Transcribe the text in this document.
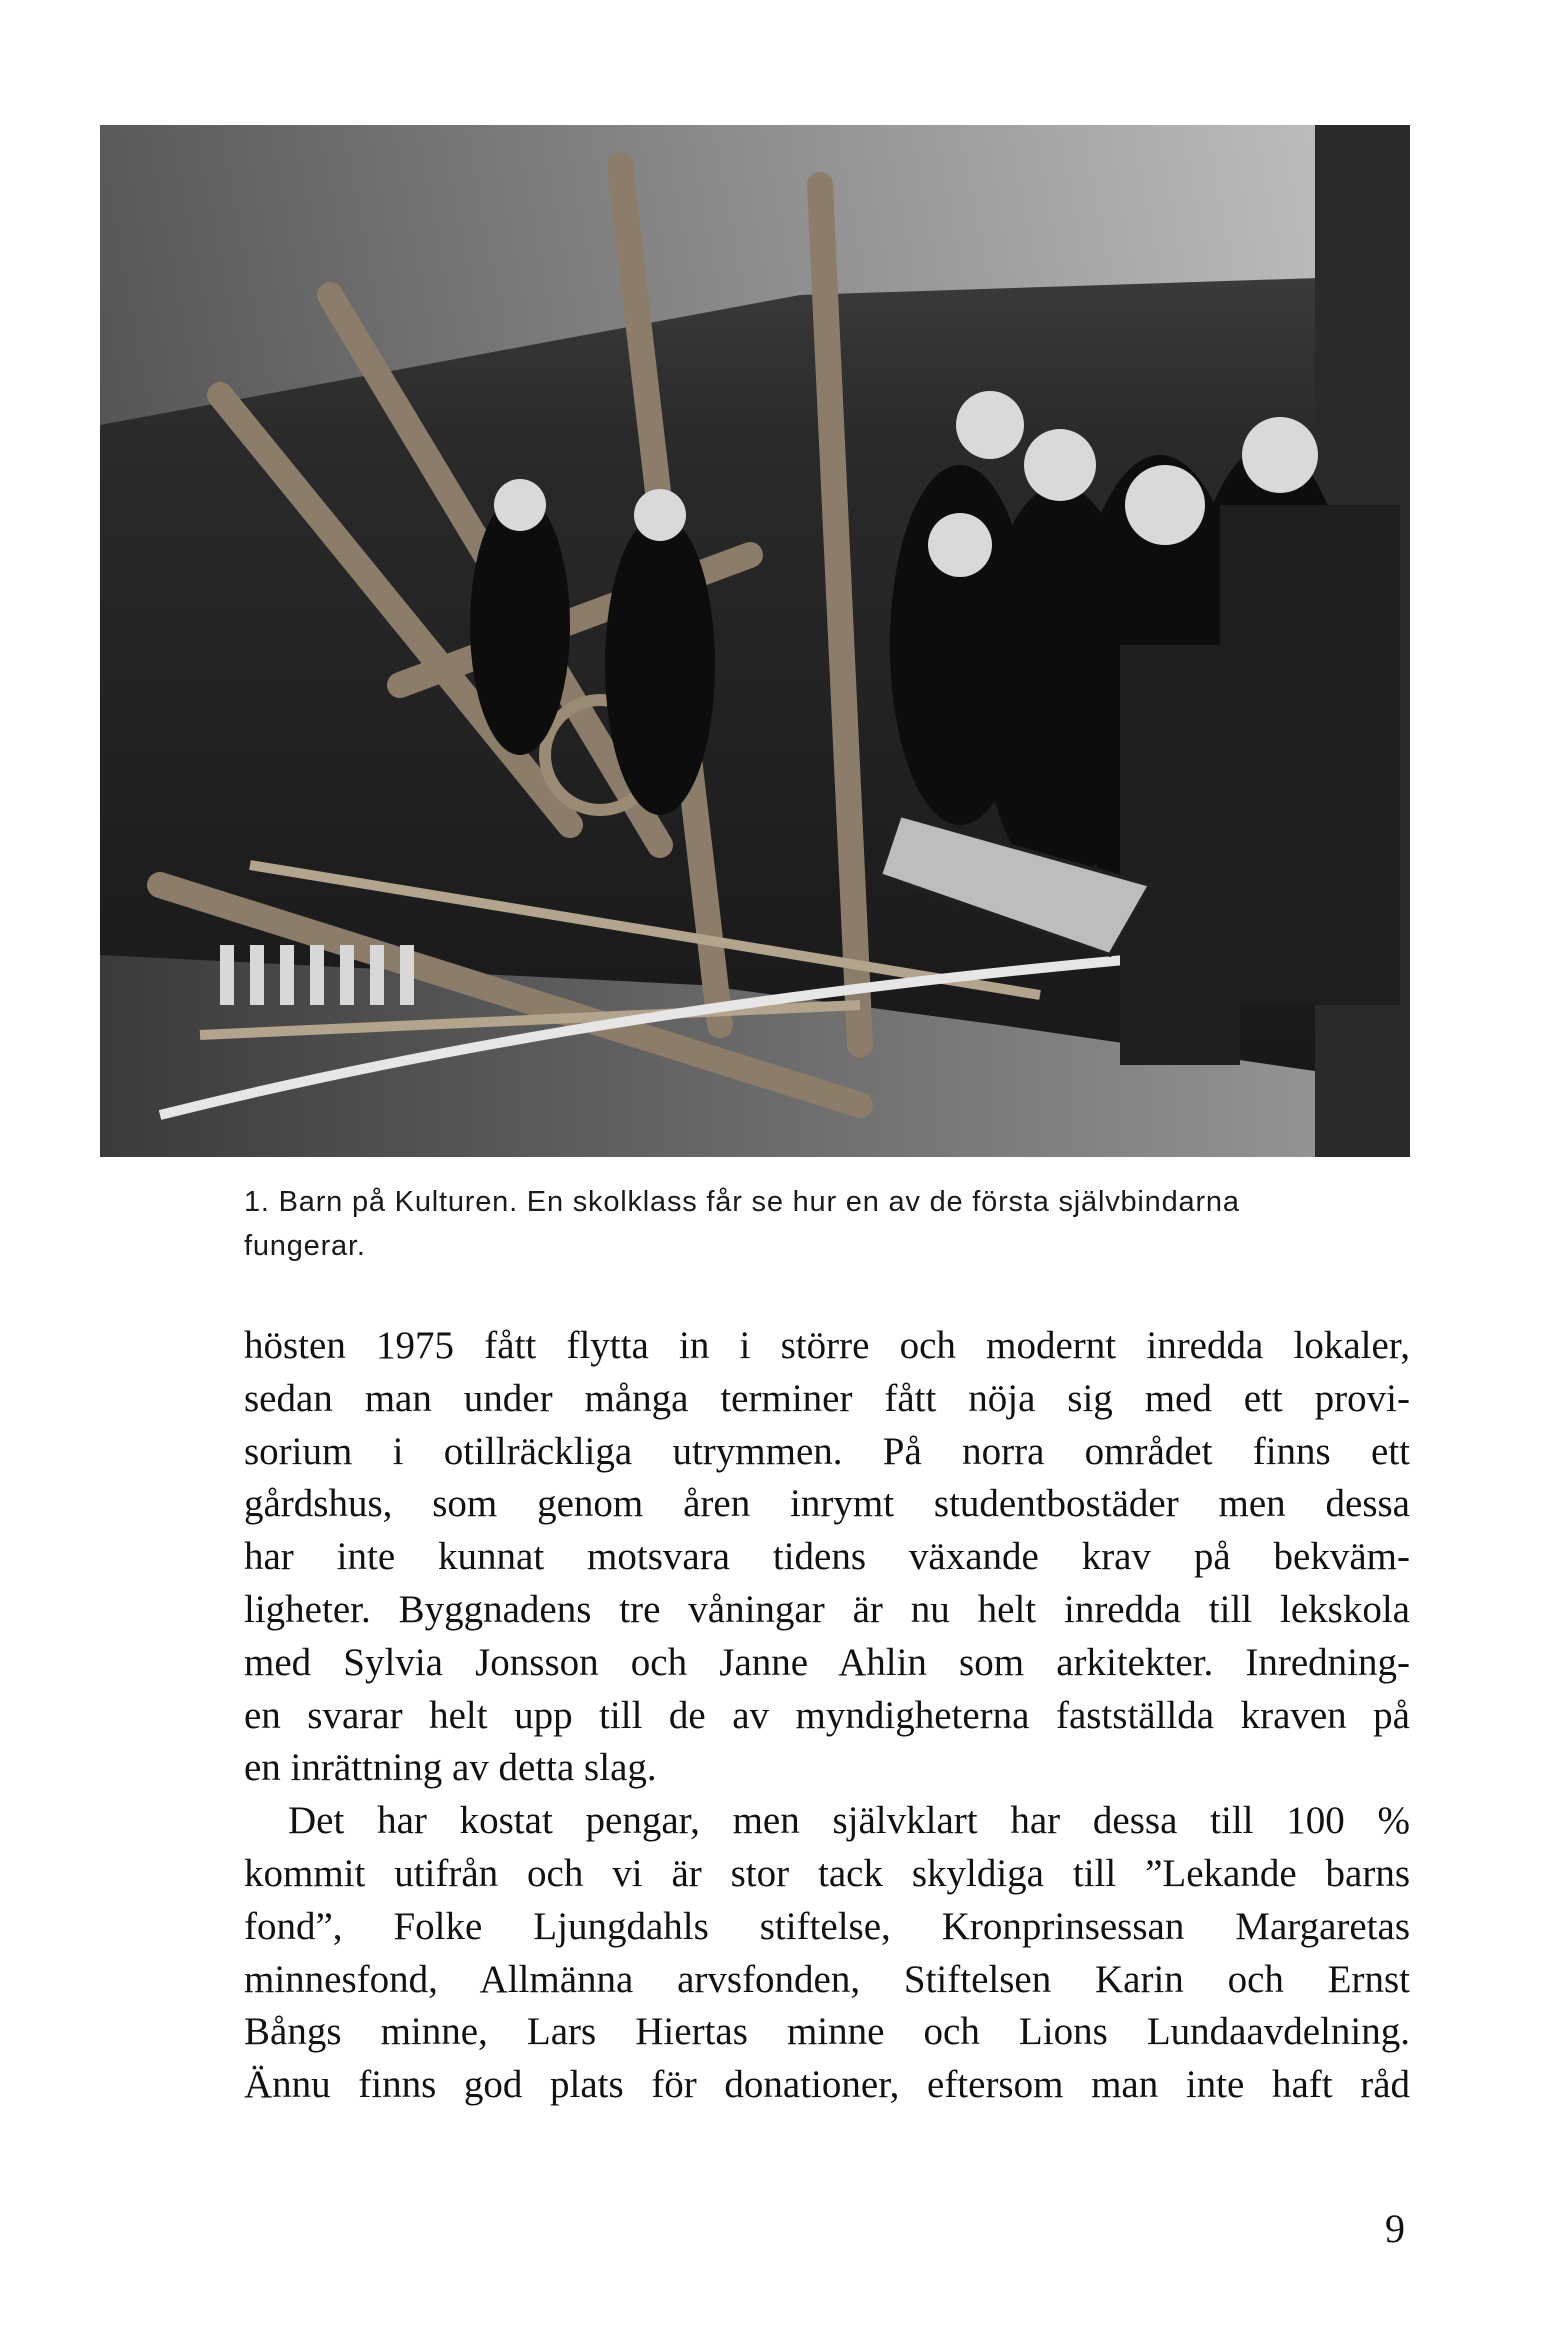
1. Barn på Kulturen. En skolklass får se hur en av de första självbindarna
fungerar.
hösten 1975 fått flytta in i större och modernt inredda lokaler,
sedan man under många terminer fått nöja sig med ett provi-
sorium i otillräckliga utrymmen. På norra området finns ett
gårdshus, som genom åren inrymt studentbostäder men dessa
har inte kunnat motsvara tidens växande krav på bekväm-
ligheter. Byggnadens tre våningar är nu helt inredda till lekskola
med Sylvia Jonsson och Janne Ahlin som arkitekter. Inredning-
en svarar helt upp till de av myndigheterna fastställda kraven på
en inrättning av detta slag.
Det har kostat pengar, men självklart har dessa till 100 %
kommit utifrån och vi är stor tack skyldiga till ”Lekande barns
fond”, Folke Ljungdahls stiftelse, Kronprinsessan Margaretas
minnesfond, Allmänna arvsfonden, Stiftelsen Karin och Ernst
Bångs minne, Lars Hiertas minne och Lions Lundaavdelning.
Ännu finns god plats för donationer, eftersom man inte haft råd
9
